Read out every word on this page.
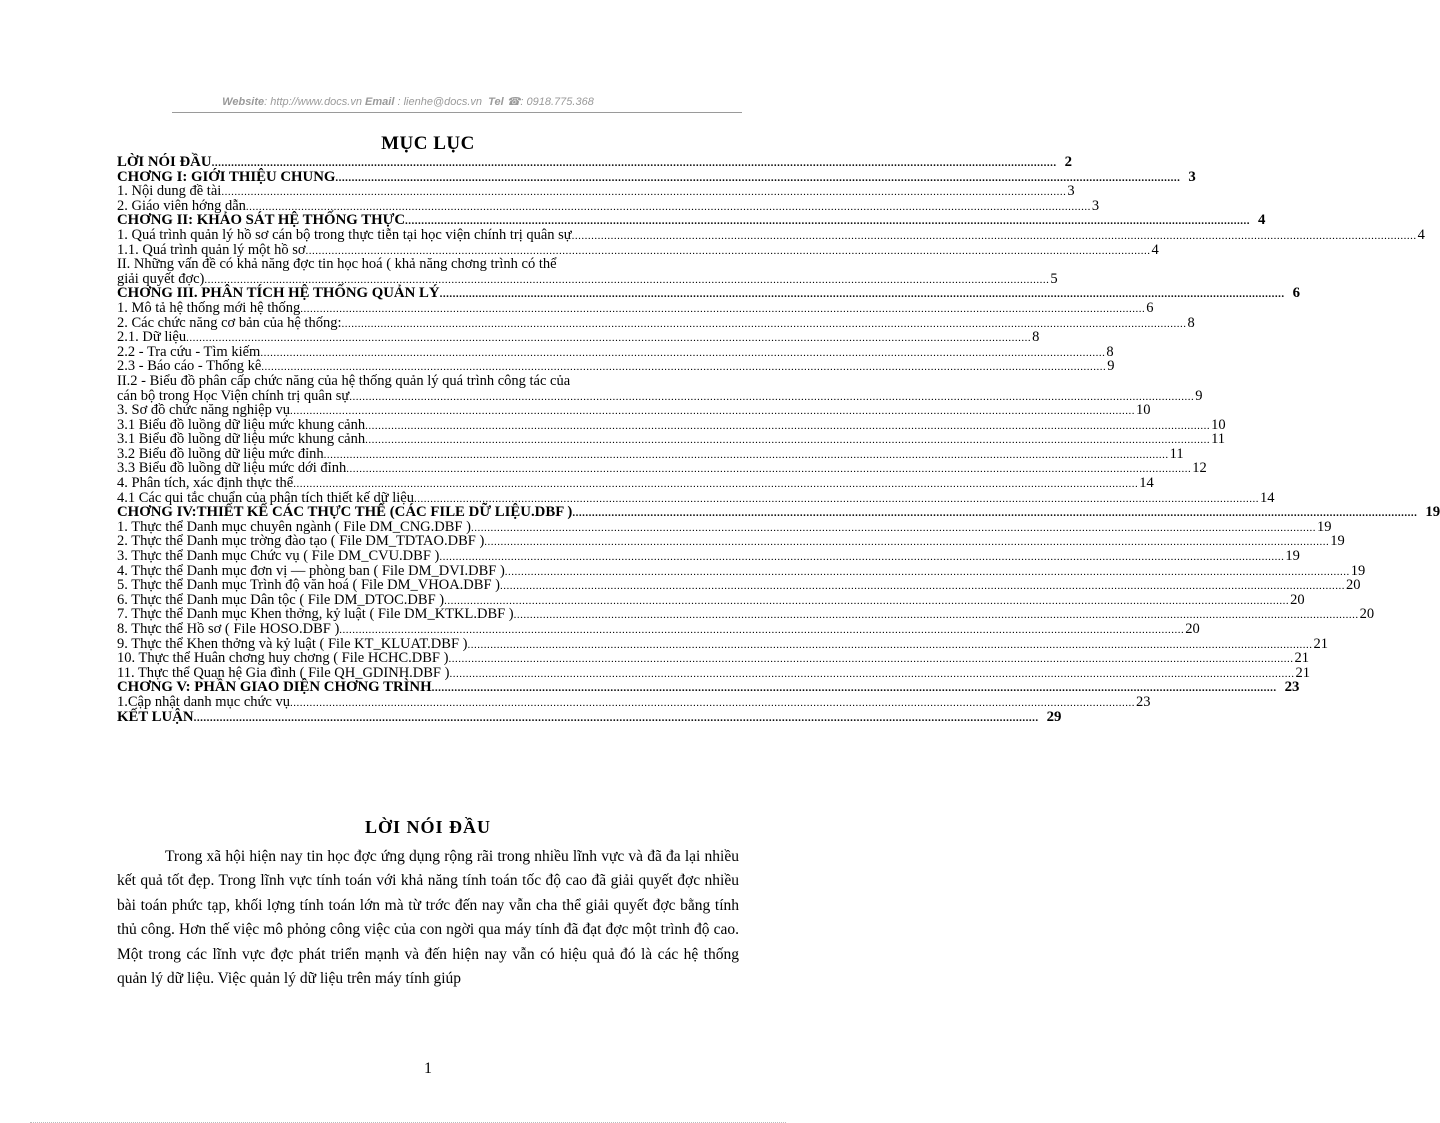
Website: http://www.docs.vn Email : lienhe@docs.vn Tel ☎: 0918.775.368
MỤC LỤC
LỜI NÓI ĐẦU .................................................................................................................................................................................................................................................................... 2
CHƠNG I: GIỚI THIỆU CHUNG .................................................................................................................................................................................................................................................................... 3
1. Nội dung đề tài .................................................................................................................................................................................................................................................................... 3
2. Giáo viên hớng dẫn .................................................................................................................................................................................................................................................................... 3
CHƠNG II: KHẢO SÁT HỆ THỐNG THỰC .................................................................................................................................................................................................................................................................... 4
1. Quá trình quản lý hồ sơ cán bộ trong thực tiễn tại học viện chính trị quân sự .................................................................................................................................................................................................................................................................... 4
1.1. Quá trình quản lý một hồ sơ .................................................................................................................................................................................................................................................................... 4
II. Những vấn đề có khả năng đợc tin học hoá ( khả năng chơng trình có thể
giải quyết đợc) .................................................................................................................................................................................................................................................................... 5
CHƠNG III. PHÂN TÍCH HỆ THỐNG QUẢN LÝ .................................................................................................................................................................................................................................................................... 6
1. Mô tả hệ thống mới hệ thống .................................................................................................................................................................................................................................................................... 6
2. Các chức năng cơ bản của hệ thống: .................................................................................................................................................................................................................................................................... 8
2.1. Dữ liệu .................................................................................................................................................................................................................................................................... 8
2.2 - Tra cứu - Tìm kiếm .................................................................................................................................................................................................................................................................... 8
2.3 - Báo cáo - Thống kê .................................................................................................................................................................................................................................................................... 9
II.2 - Biểu đồ phân cấp chức năng của hệ thống quản lý quá trình công tác của
cán bộ trong Học Viện chính trị quân sự .................................................................................................................................................................................................................................................................... 9
3. Sơ đồ chức năng nghiệp vụ .................................................................................................................................................................................................................................................................... 10
3.1 Biểu đồ luồng dữ liệu mức khung cảnh .................................................................................................................................................................................................................................................................... 10
3.1 Biểu đồ luồng dữ liệu mức khung cảnh .................................................................................................................................................................................................................................................................... 11
3.2 Biểu đồ luồng dữ liệu mức đỉnh .................................................................................................................................................................................................................................................................... 11
3.3 Biểu đồ luồng dữ liệu mức dới đỉnh .................................................................................................................................................................................................................................................................... 12
4. Phân tích, xác định thực thể .................................................................................................................................................................................................................................................................... 14
4.1 Các qui tắc chuẩn của phân tích thiết kế dữ liệu .................................................................................................................................................................................................................................................................... 14
CHƠNG IV:THIẾT KẾ CÁC THỰC THỂ (CÁC FILE DỮ LIỆU.DBF ) .................................................................................................................................................................................................................................................................... 19
1. Thực thể Danh mục chuyên ngành ( File DM_CNG.DBF ) .................................................................................................................................................................................................................................................................... 19
2. Thực thể Danh mục trờng đào tạo ( File DM_TDTAO.DBF ) .................................................................................................................................................................................................................................................................... 19
3. Thực thể Danh mục Chức vụ ( File DM_CVU.DBF ) .................................................................................................................................................................................................................................................................... 19
4. Thực thể Danh mục đơn vị — phòng ban ( File DM_DVI.DBF ) .................................................................................................................................................................................................................................................................... 19
5. Thực thể Danh mục Trình độ văn hoá ( File DM_VHOA.DBF ) .................................................................................................................................................................................................................................................................... 20
6. Thực thể Danh mục Dân tộc ( File DM_DTOC.DBF ) .................................................................................................................................................................................................................................................................... 20
7. Thực thể Danh mục Khen thởng, kỷ luật ( File DM_KTKL.DBF ) .................................................................................................................................................................................................................................................................... 20
8. Thực thể Hồ sơ ( File HOSO.DBF ) .................................................................................................................................................................................................................................................................... 20
9. Thực thể Khen thởng và kỷ luật ( File KT_KLUAT.DBF ) .................................................................................................................................................................................................................................................................... 21
10. Thực thể Huân chơng huy chơng ( File HCHC.DBF ) .................................................................................................................................................................................................................................................................... 21
11. Thực thể Quan hệ Gia đình ( File QH_GDINH.DBF ) .................................................................................................................................................................................................................................................................... 21
CHƠNG V: PHẦN GIAO DIỆN CHƠNG TRÌNH .................................................................................................................................................................................................................................................................... 23
1.Cập nhật danh mục chức vụ .................................................................................................................................................................................................................................................................... 23
KẾT LUẬN .................................................................................................................................................................................................................................................................... 29
LỜI NÓI ĐẦU
Trong xã hội hiện nay tin học đợc ứng dụng rộng rãi trong nhiều lĩnh vực và đã đa lại nhiều kết quả tốt đẹp. Trong lĩnh vực tính toán với khả năng tính toán tốc độ cao đã giải quyết đợc nhiều bài toán phức tạp, khối lợng tính toán lớn mà từ trớc đến nay vẫn cha thể giải quyết đợc bằng tính thủ công. Hơn thế việc mô phỏng công việc của con ngời qua máy tính đã đạt đợc một trình độ cao. Một trong các lĩnh vực đợc phát triển mạnh và đến hiện nay vẫn có hiệu quả đó là các hệ thống quản lý dữ liệu. Việc quản lý dữ liệu trên máy tính giúp
1
